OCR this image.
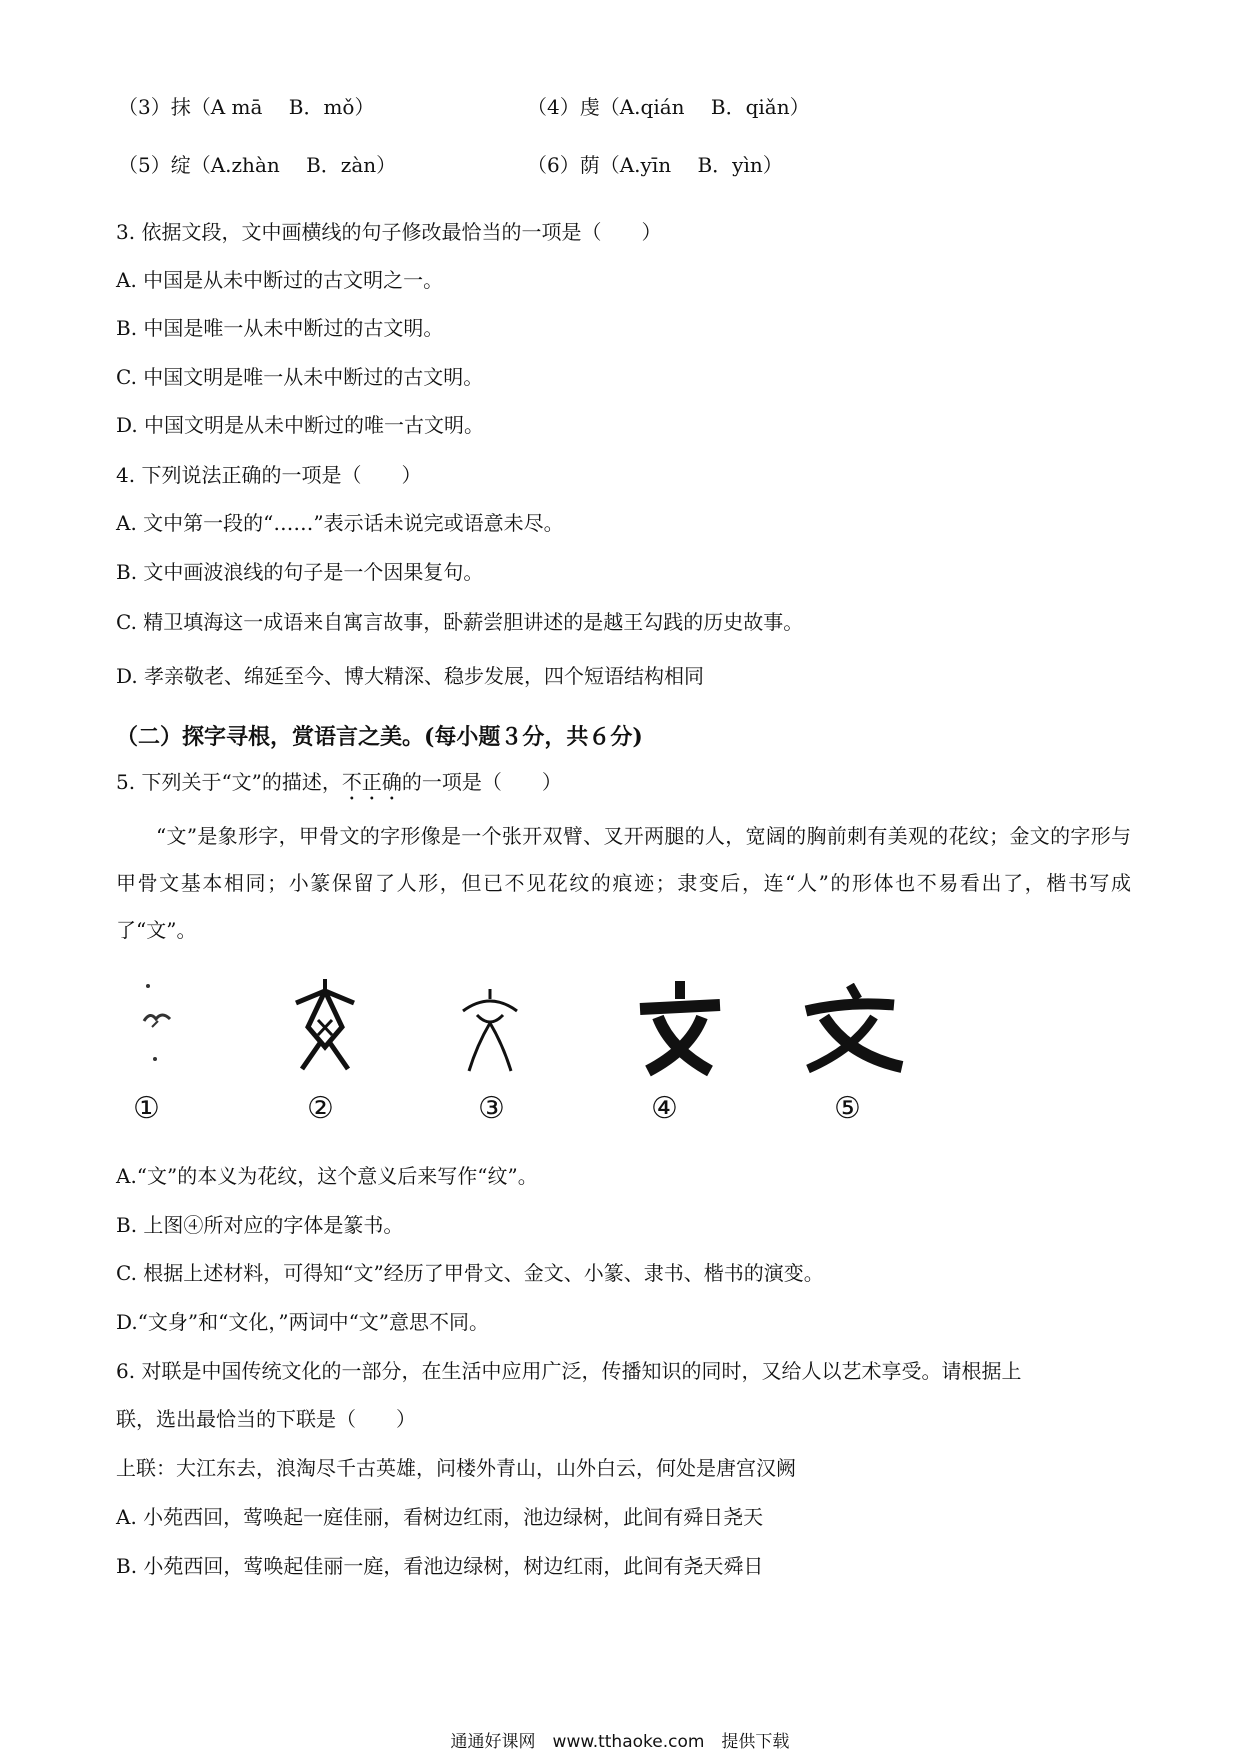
（3）抹（A mā　 B．mǒ）	（4）虔（A.qián　 B．qiǎn）
（5）绽（A.zhàn　 B．zàn）	（6）荫（A.yīn　 B．yìn）
3. 依据文段，文中画横线的句子修改最恰当的一项是（　　）
A. 中国是从未中断过的古文明之一。
B. 中国是唯一从未中断过的古文明。
C. 中国文明是唯一从未中断过的古文明。
D. 中国文明是从未中断过的唯一古文明。
4. 下列说法正确的一项是（　　）
A. 文中第一段的“……”表示话未说完或语意未尽。
B. 文中画波浪线的句子是一个因果复句。
C. 精卫填海这一成语来自寓言故事，卧薪尝胆讲述的是越王勾践的历史故事。
D. 孝亲敬老、绵延至今、博大精深、稳步发展，四个短语结构相同
（二）探字寻根，赏语言之美。(每小题３分，共６分)
5. 下列关于“文”的描述，不正确的一项是（　　）
“文”是象形字，甲骨文的字形像是一个张开双臂、叉开两腿的人，宽阔的胸前刺有美观的花纹；金文的字形与甲骨文基本相同；小篆保留了人形，但已不见花纹的痕迹；隶变后，连“人”的形体也不易看出了，楷书写成了“文”。
①	②	③	④	⑤
A.“文”的本义为花纹，这个意义后来写作“纹”。
B. 上图④所对应的字体是篆书。
C. 根据上述材料，可得知“文”经历了甲骨文、金文、小篆、隶书、楷书的演变。
D.“文身”和“文化，”两词中“文”意思不同。
6. 对联是中国传统文化的一部分，在生活中应用广泛，传播知识的同时，又给人以艺术享受。请根据上
联，选出最恰当的下联是（　　）
上联：大江东去，浪淘尽千古英雄，问楼外青山，山外白云，何处是唐宫汉阙
A. 小苑西回，莺唤起一庭佳丽，看树边红雨，池边绿树，此间有舜日尧天
B. 小苑西回，莺唤起佳丽一庭，看池边绿树，树边红雨，此间有尧天舜日
通通好课网　www.tthaoke.com　提供下载
